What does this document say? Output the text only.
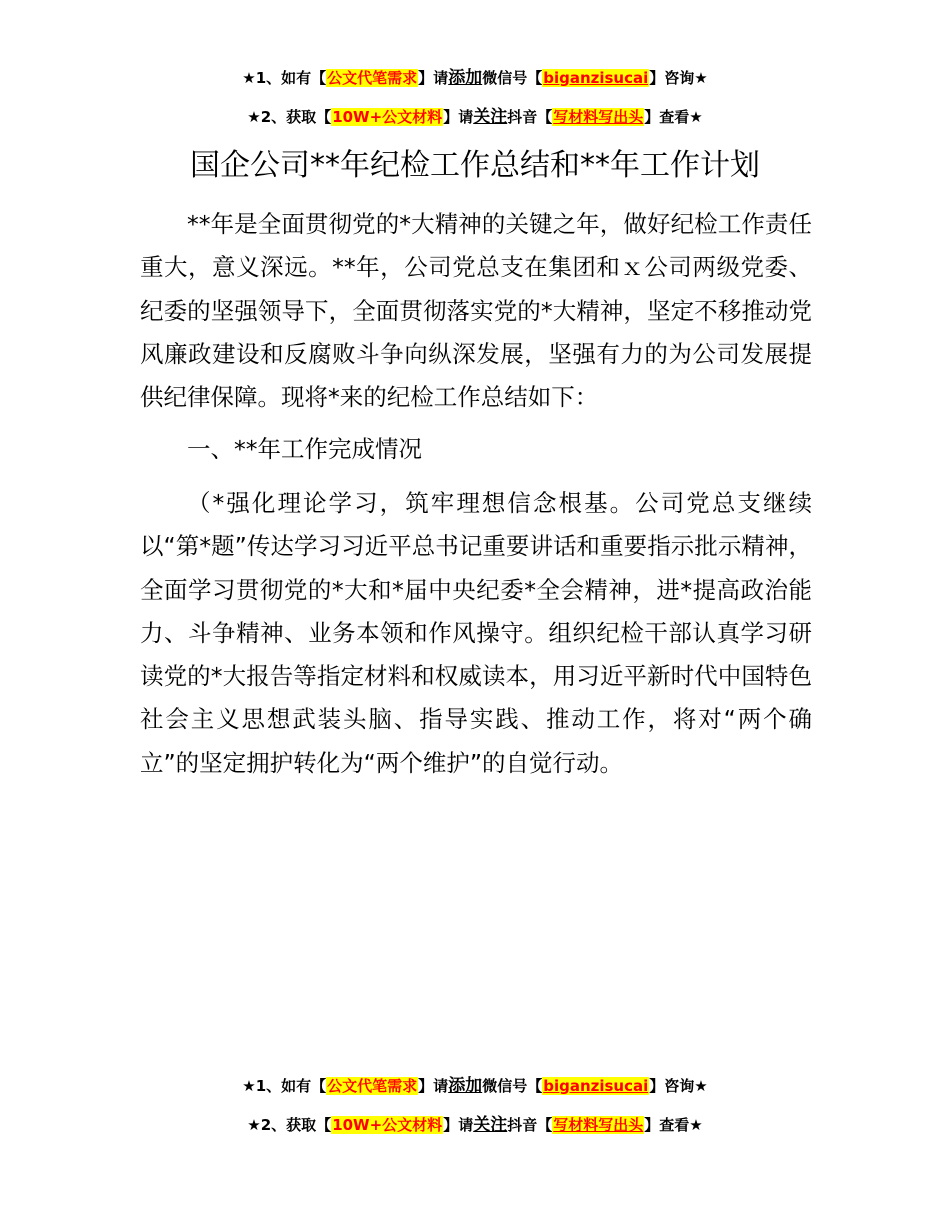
★1、如有【公文代笔需求】请添加微信号【biganzisucai】咨询★
★2、获取【10W+公文材料】请关注抖音【写材料写出头】查看★
国企公司**年纪检工作总结和**年工作计划

**年是全面贯彻党的*大精神的关键之年，做好纪检工作责任重大，意义深远。**年，公司党总支在集团和ｘ公司两级党委、纪委的坚强领导下，全面贯彻落实党的*大精神，坚定不移推动党风廉政建设和反腐败斗争向纵深发展，坚强有力的为公司发展提供纪律保障。现将*来的纪检工作总结如下：

一、**年工作完成情况

（*强化理论学习，筑牢理想信念根基。公司党总支继续以“第*题”传达学习习近平总书记重要讲话和重要指示批示精神，全面学习贯彻党的*大和*届中央纪委*全会精神，进*提高政治能力、斗争精神、业务本领和作风操守。组织纪检干部认真学习研读党的*大报告等指定材料和权威读本，用习近平新时代中国特色社会主义思想武装头脑、指导实践、推动工作，将对“两个确立”的坚定拥护转化为“两个维护”的自觉行动。

★1、如有【公文代笔需求】请添加微信号【biganzisucai】咨询★
★2、获取【10W+公文材料】请关注抖音【写材料写出头】查看★
